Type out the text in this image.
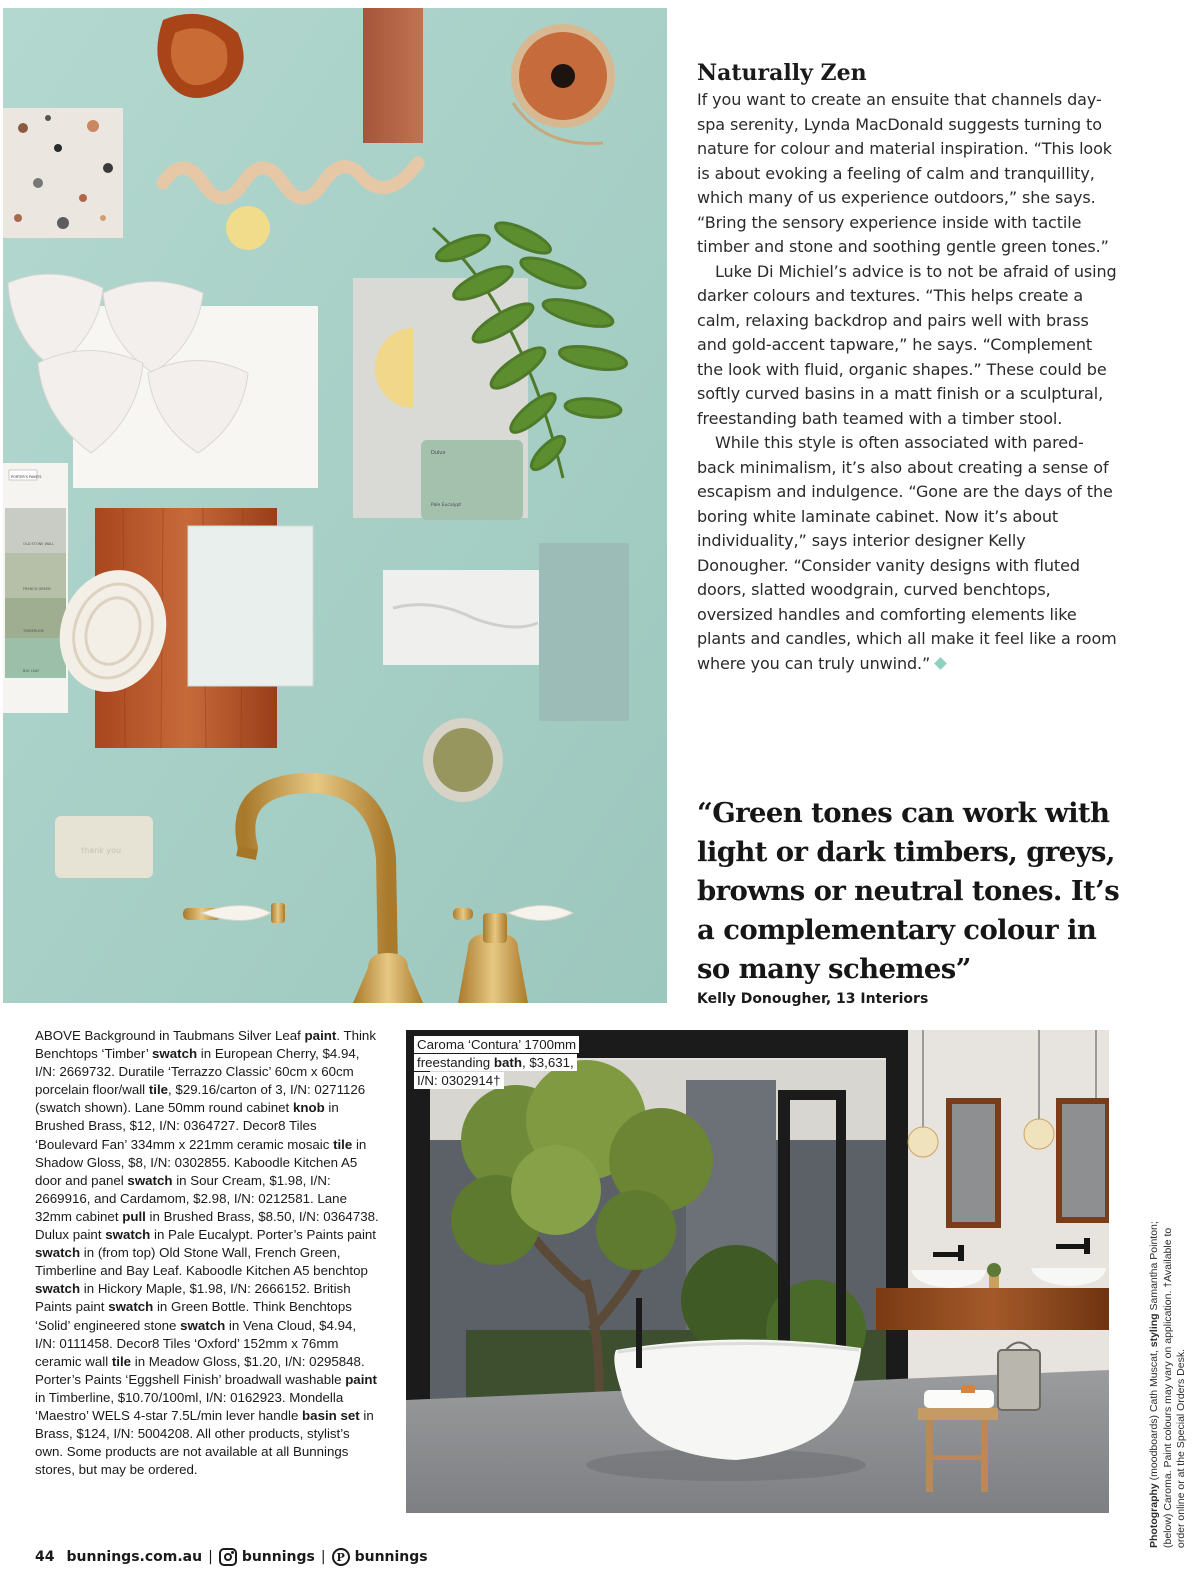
Dulux
Pale Eucalypt
PORTER'S PAINTS
OLD STONE WALL
FRENCH GREEN
TIMBERLINE
BAY LEAF
thank you
Naturally Zen

If you want to create an ensuite that channels day-spa serenity, Lynda MacDonald suggests turning to nature for colour and material inspiration. “This look is about evoking a feeling of calm and tranquillity, which many of us experience outdoors,” she says. “Bring the sensory experience inside with tactile timber and stone and soothing gentle green tones.”

Luke Di Michiel’s advice is to not be afraid of using darker colours and textures. “This helps create a calm, relaxing backdrop and pairs well with brass and gold-accent tapware,” he says. “Complement the look with fluid, organic shapes.” These could be softly curved basins in a matt finish or a sculptural, freestanding bath teamed with a timber stool.

While this style is often associated with pared-back minimalism, it’s also about creating a sense of escapism and indulgence. “Gone are the days of the boring white laminate cabinet. Now it’s about individuality,” says interior designer Kelly Donougher. “Consider vanity designs with fluted doors, slatted woodgrain, curved benchtops, oversized handles and comforting elements like plants and candles, which all make it feel like a room where you can truly unwind.”

“Green tones can work with light or dark timbers, greys, browns or neutral tones. It’s a complementary colour in so many schemes”

Kelly Donougher, 13 Interiors
ABOVE Background in Taubmans Silver Leaf paint. Think Benchtops ‘Timber’ swatch in European Cherry, $4.94, I/N: 2669732. Duratile ‘Terrazzo Classic’ 60cm x 60cm porcelain floor/wall tile, $29.16/carton of 3, I/N: 0271126 (swatch shown). Lane 50mm round cabinet knob in Brushed Brass, $12, I/N: 0364727. Decor8 Tiles ‘Boulevard Fan’ 334mm x 221mm ceramic mosaic tile in Shadow Gloss, $8, I/N: 0302855. Kaboodle Kitchen A5 door and panel swatch in Sour Cream, $1.98, I/N: 2669916, and Cardamom, $2.98, I/N: 0212581. Lane 32mm cabinet pull in Brushed Brass, $8.50, I/N: 0364738. Dulux paint swatch in Pale Eucalypt. Porter’s Paints paint swatch in (from top) Old Stone Wall, French Green, Timberline and Bay Leaf. Kaboodle Kitchen A5 benchtop swatch in Hickory Maple, $1.98, I/N: 2666152. British Paints paint swatch in Green Bottle. Think Benchtops ‘Solid’ engineered stone swatch in Vena Cloud, $4.94, I/N: 0111458. Decor8 Tiles ‘Oxford’ 152mm x 76mm ceramic wall tile in Meadow Gloss, $1.20, I/N: 0295848. Porter’s Paints ‘Eggshell Finish’ broadwall washable paint in Timberline, $10.70/100ml, I/N: 0162923. Mondella ‘Maestro’ WELS 4-star 7.5L/min lever handle basin set in Brass, $124, I/N: 5004208. All other products, stylist’s own. Some products are not available at all Bunnings stores, but may be ordered.
Caroma ‘Contura’ 1700mm freestanding bath, $3,631, I/N: 0302914†
Photography (moodboards) Cath Muscat, styling Samantha Pointon; (below) Caroma. Paint colours may vary on application. †Available to order online or at the Special Orders Desk.
44 bunnings.com.au | bunnings | P bunnings
